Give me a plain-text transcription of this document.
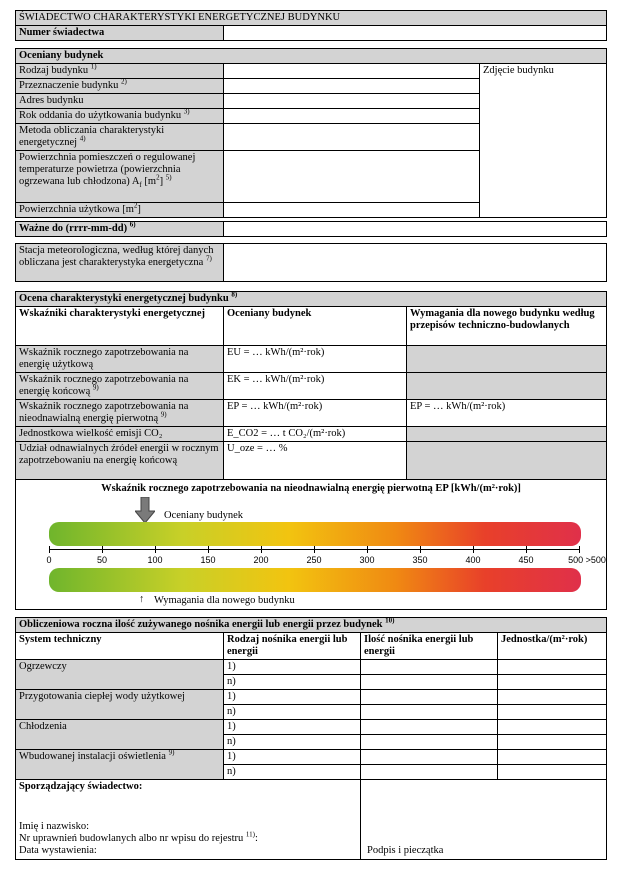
ŚWIADECTWO CHARAKTERYSTYKI ENERGETYCZNEJ BUDYNKU
Numer świadectwa	
Oceniany budynek		
Rodzaj budynku $^{1)}$		Zdjęcie budynku
Przeznaczenie budynku $^{2)}$	
Adres budynku		
Rok oddania do użytkowania budynku $^{3)}$	
Metoda obliczania charakterystyki energetycznej $^{4)}$	
Powierzchnia pomieszczeń o regulowanej temperaturze powietrza (powierzchnia ogrzewana lub chłodzona) $A_f$ $[m^2]$ $^{5)}$	
Powierzchnia użytkowa $[m^2]$		
Ważne do (rrrr-mm-dd) $^{6)}$	
Stacja meteorologiczna, według której danych obliczana jest charakterystyka energetyczna $^{7)}$	
Ocena charakterystyki energetycznej budynku $^{8)}$
Wskaźniki charakterystyki energetycznej	Oceniany budynek	Wymagania dla nowego budynku według przepisów techniczno-budowlanych
Wskaźnik rocznego zapotrzebowania na energię użytkową	EU = … kWh/(m²·rok)	
Wskaźnik rocznego zapotrzebowania na energię końcową $^{9)}$	EK = … kWh/(m²·rok)	
Wskaźnik rocznego zapotrzebowania na nieodnawialną energię pierwotną $^{9)}$	EP = … kWh/(m²·rok)	EP = … kWh/(m²·rok)
Jednostkowa wielkość emisji CO₂	E_CO2 = … t CO₂/(m²·rok)	
Udział odnawialnych źródeł energii w rocznym zapotrzebowaniu na energię końcową	U_oze = … %	
Wskaźnik rocznego zapotrzebowania na nieodnawialną energię pierwotną EP [kWh/(m²·rok)]
Oceniany budynek
0	50	100	150	200	250	300	350	400	450	500 >500
↑ Wymagania dla nowego budynku
Obliczeniowa roczna ilość zużywanego nośnika energii lub energii przez budynek $^{10)}$
System techniczny	Rodzaj nośnika energii lub energii	Ilość nośnika energii lub energii	Jednostka/(m²·rok)
Ogrzewczy	1)		
	n)		
Przygotowania ciepłej wody użytkowej	1)		
	n)		
Chłodzenia	1)		
	n)		
Wbudowanej instalacji oświetlenia $^{9)}$	1)		
	n)		
Sporządzający świadectwo:
Imię i nazwisko:
Nr uprawnień budowlanych albo nr wpisu do rejestru $^{11)}$:
Data wystawienia:	Podpis i pieczątka
